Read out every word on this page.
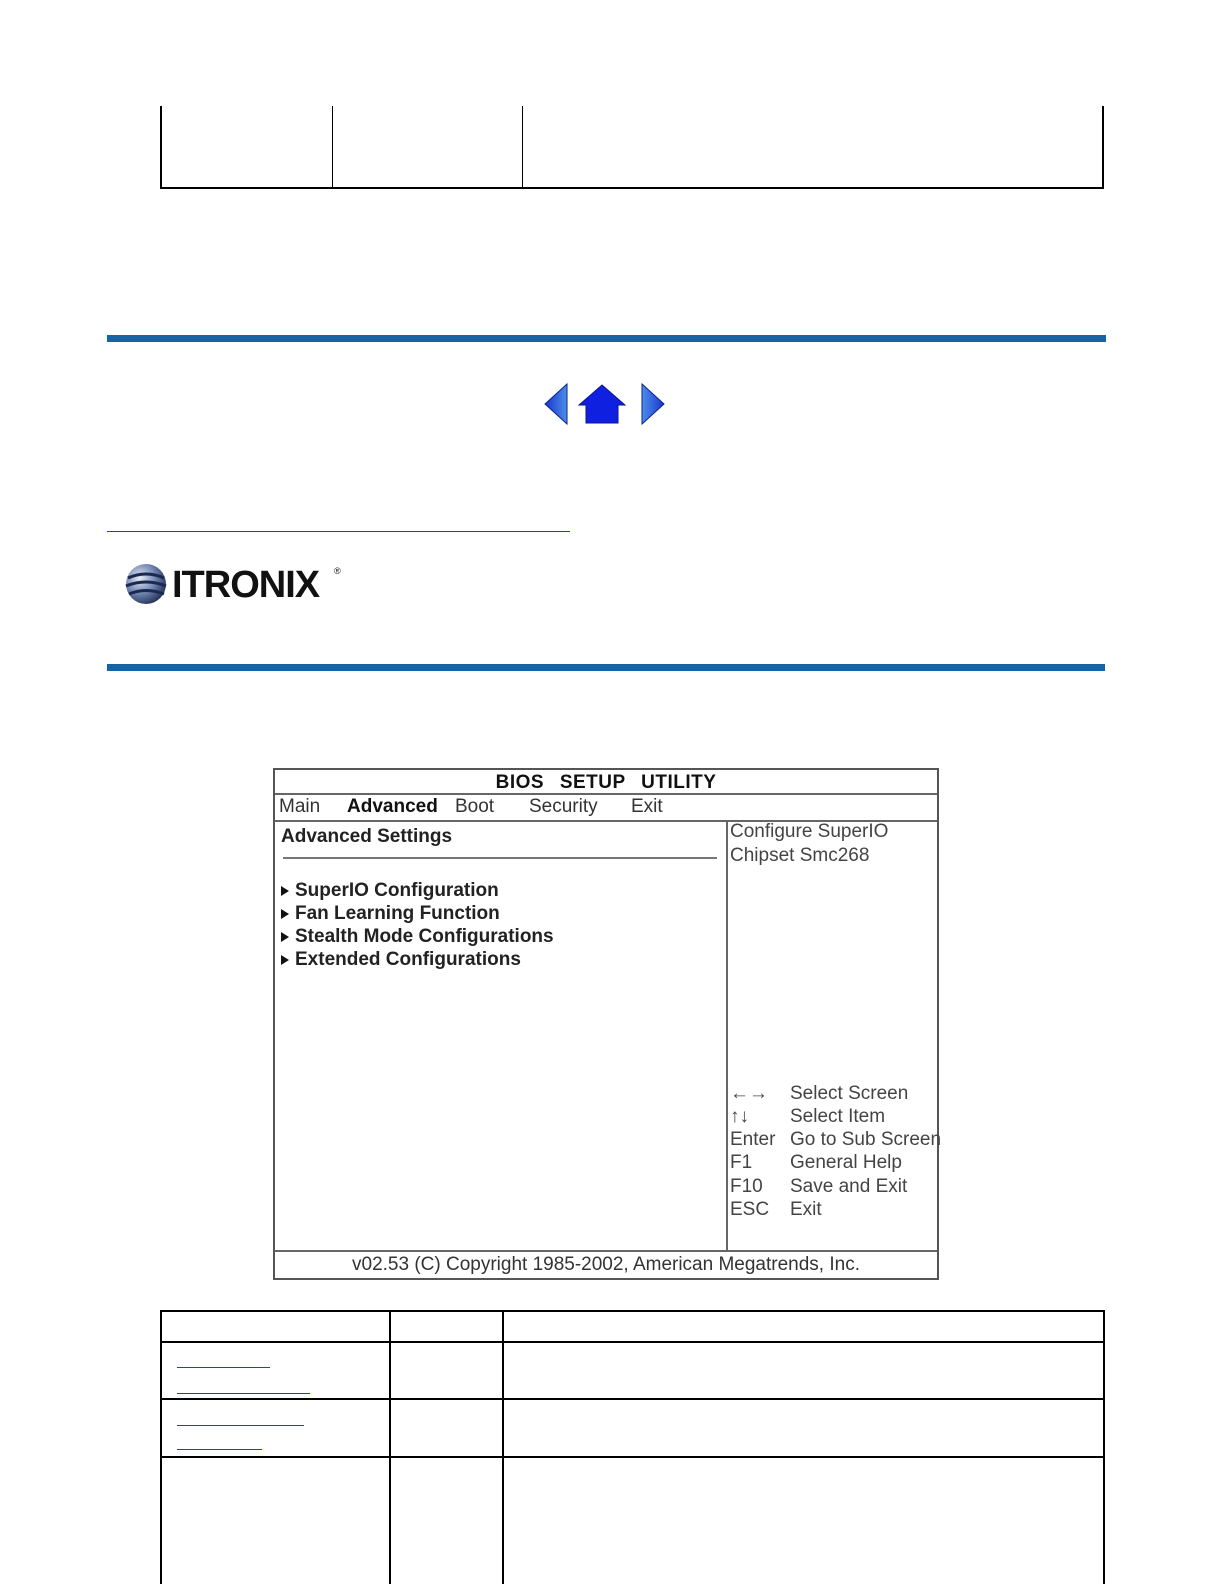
ITRONIX ®
BIOS SETUP UTILITY
Main Advanced Boot Security Exit
Advanced Settings
SuperIO Configuration
Fan Learning Function
Stealth Mode Configurations
Extended Configurations
Configure SuperIO
Chipset Smc268
←→ Select Screen
↑↓ Select Item
Enter Go to Sub Screen
F1 General Help
F10 Save and Exit
ESC Exit
v02.53 (C) Copyright 1985-2002, American Megatrends, Inc.
